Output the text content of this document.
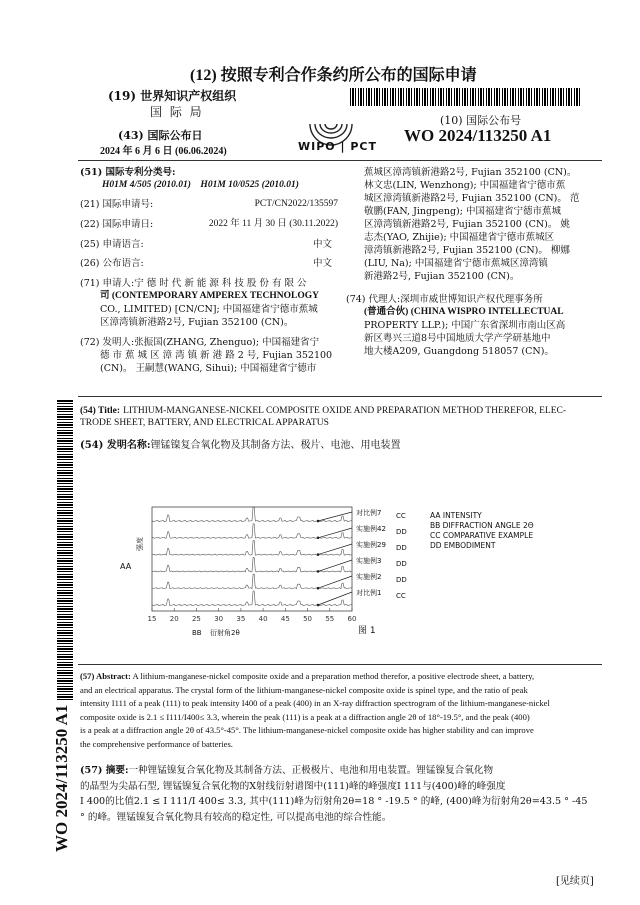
(12) 按照专利合作条约所公布的国际申请
(19) 世界知识产权组织
国 际 局
(43) 国际公布日
2024 年 6 月 6 日 (06.06.2024)	WIPO | PCT
(10) 国际公布号
WO 2024/113250 A1
(51) 国际专利分类号:
H01M 4/505 (2010.01)    H01M 10/0525 (2010.01)
(21) 国际申请号:	PCT/CN2022/135597
(22) 国际申请日:	2022 年 11 月 30 日 (30.11.2022)
(25) 申请语言:	中文
(26) 公布语言:	中文
(71) 申请人:宁 德 时 代 新 能 源 科 技 股 份 有 限 公
司 (CONTEMPORARY AMPEREX TECHNOLOGY
CO., LIMITED) [CN/CN]; 中国福建省宁德市蕉城
区漳湾镇新港路2号, Fujian 352100 (CN)。
(72) 发明人:张振国(ZHANG, Zhenguo); 中国福建省宁
德 市 蕉 城 区 漳 湾 镇 新 港 路 2 号, Fujian 352100
(CN)。 王嗣慧(WANG, Sihui); 中国福建省宁德市
蕉城区漳湾镇新港路2号, Fujian 352100 (CN)。
林文忠(LIN, Wenzhong); 中国福建省宁德市蕉
城区漳湾镇新港路2号, Fujian 352100 (CN)。 范
敬鹏(FAN, Jingpeng); 中国福建省宁德市蕉城
区漳湾镇新港路2号, Fujian 352100 (CN)。 姚
志杰(YAO, Zhijie); 中国福建省宁德市蕉城区
漳湾镇新港路2号, Fujian 352100 (CN)。 柳娜
(LIU, Na); 中国福建省宁德市蕉城区漳湾镇
新港路2号, Fujian 352100 (CN)。
(74) 代理人:深圳市威世博知识产权代理事务所
(普通合伙) (CHINA WISPRO INTELLECTUAL
PROPERTY LLP.); 中国广东省深圳市南山区高
新区粤兴三道8号中国地质大学产学研基地中
地大楼A209, Guangdong 518057 (CN)。
WO 2024/113250 A1
(54) Title: LITHIUM-MANGANESE-NICKEL COMPOSITE OXIDE AND PREPARATION METHOD THEREFOR, ELEC-
TRODE SHEET, BATTERY, AND ELECTRICAL APPARATUS
(54) 发明名称:锂锰镍复合氧化物及其制备方法、极片、电池、用电装置
15 20 25 30 35 40 45 50 55 60
强度
BB 衍射角2θ
对比例7 CC
实施例42 DD
实施例29 DD
实施例3 DD
实施例2 DD
对比例1 CC
图 1
AA
AA INTENSITY
BB DIFFRACTION ANGLE 2Θ
CC COMPARATIVE EXAMPLE
DD EMBODIMENT
(57) Abstract: A lithium-manganese-nickel composite oxide and a preparation method therefor, a positive electrode sheet, a battery,
and an electrical apparatus. The crystal form of the lithium-manganese-nickel composite oxide is spinel type, and the ratio of peak
intensity I111 of a peak (111) to peak intensity I400 of a peak (400) in an X-ray diffraction spectrogram of the lithium-manganese-nickel
composite oxide is 2.1 ≤ I111/I400≤ 3.3, wherein the peak (111) is a peak at a diffraction angle 2θ of 18°-19.5°, and the peak (400)
is a peak at a diffraction angle 2θ of 43.5°-45°. The lithium-manganese-nickel composite oxide has higher stability and can improve
the comprehensive performance of batteries.
(57) 摘要:一种锂锰镍复合氧化物及其制备方法、正极极片、电池和用电装置。锂锰镍复合氧化物
的晶型为尖晶石型, 锂锰镍复合氧化物的X射线衍射谱图中(111)峰的峰强度I 111与(400)峰的峰强度
I 400的比值2.1 ≤ I 111/I 400≤ 3.3, 其中(111)峰为衍射角2θ=18 ° -19.5 ° 的峰, (400)峰为衍射角2θ=43.5 ° -45
° 的峰。锂锰镍复合氧化物具有较高的稳定性, 可以提高电池的综合性能。
[见续页]
